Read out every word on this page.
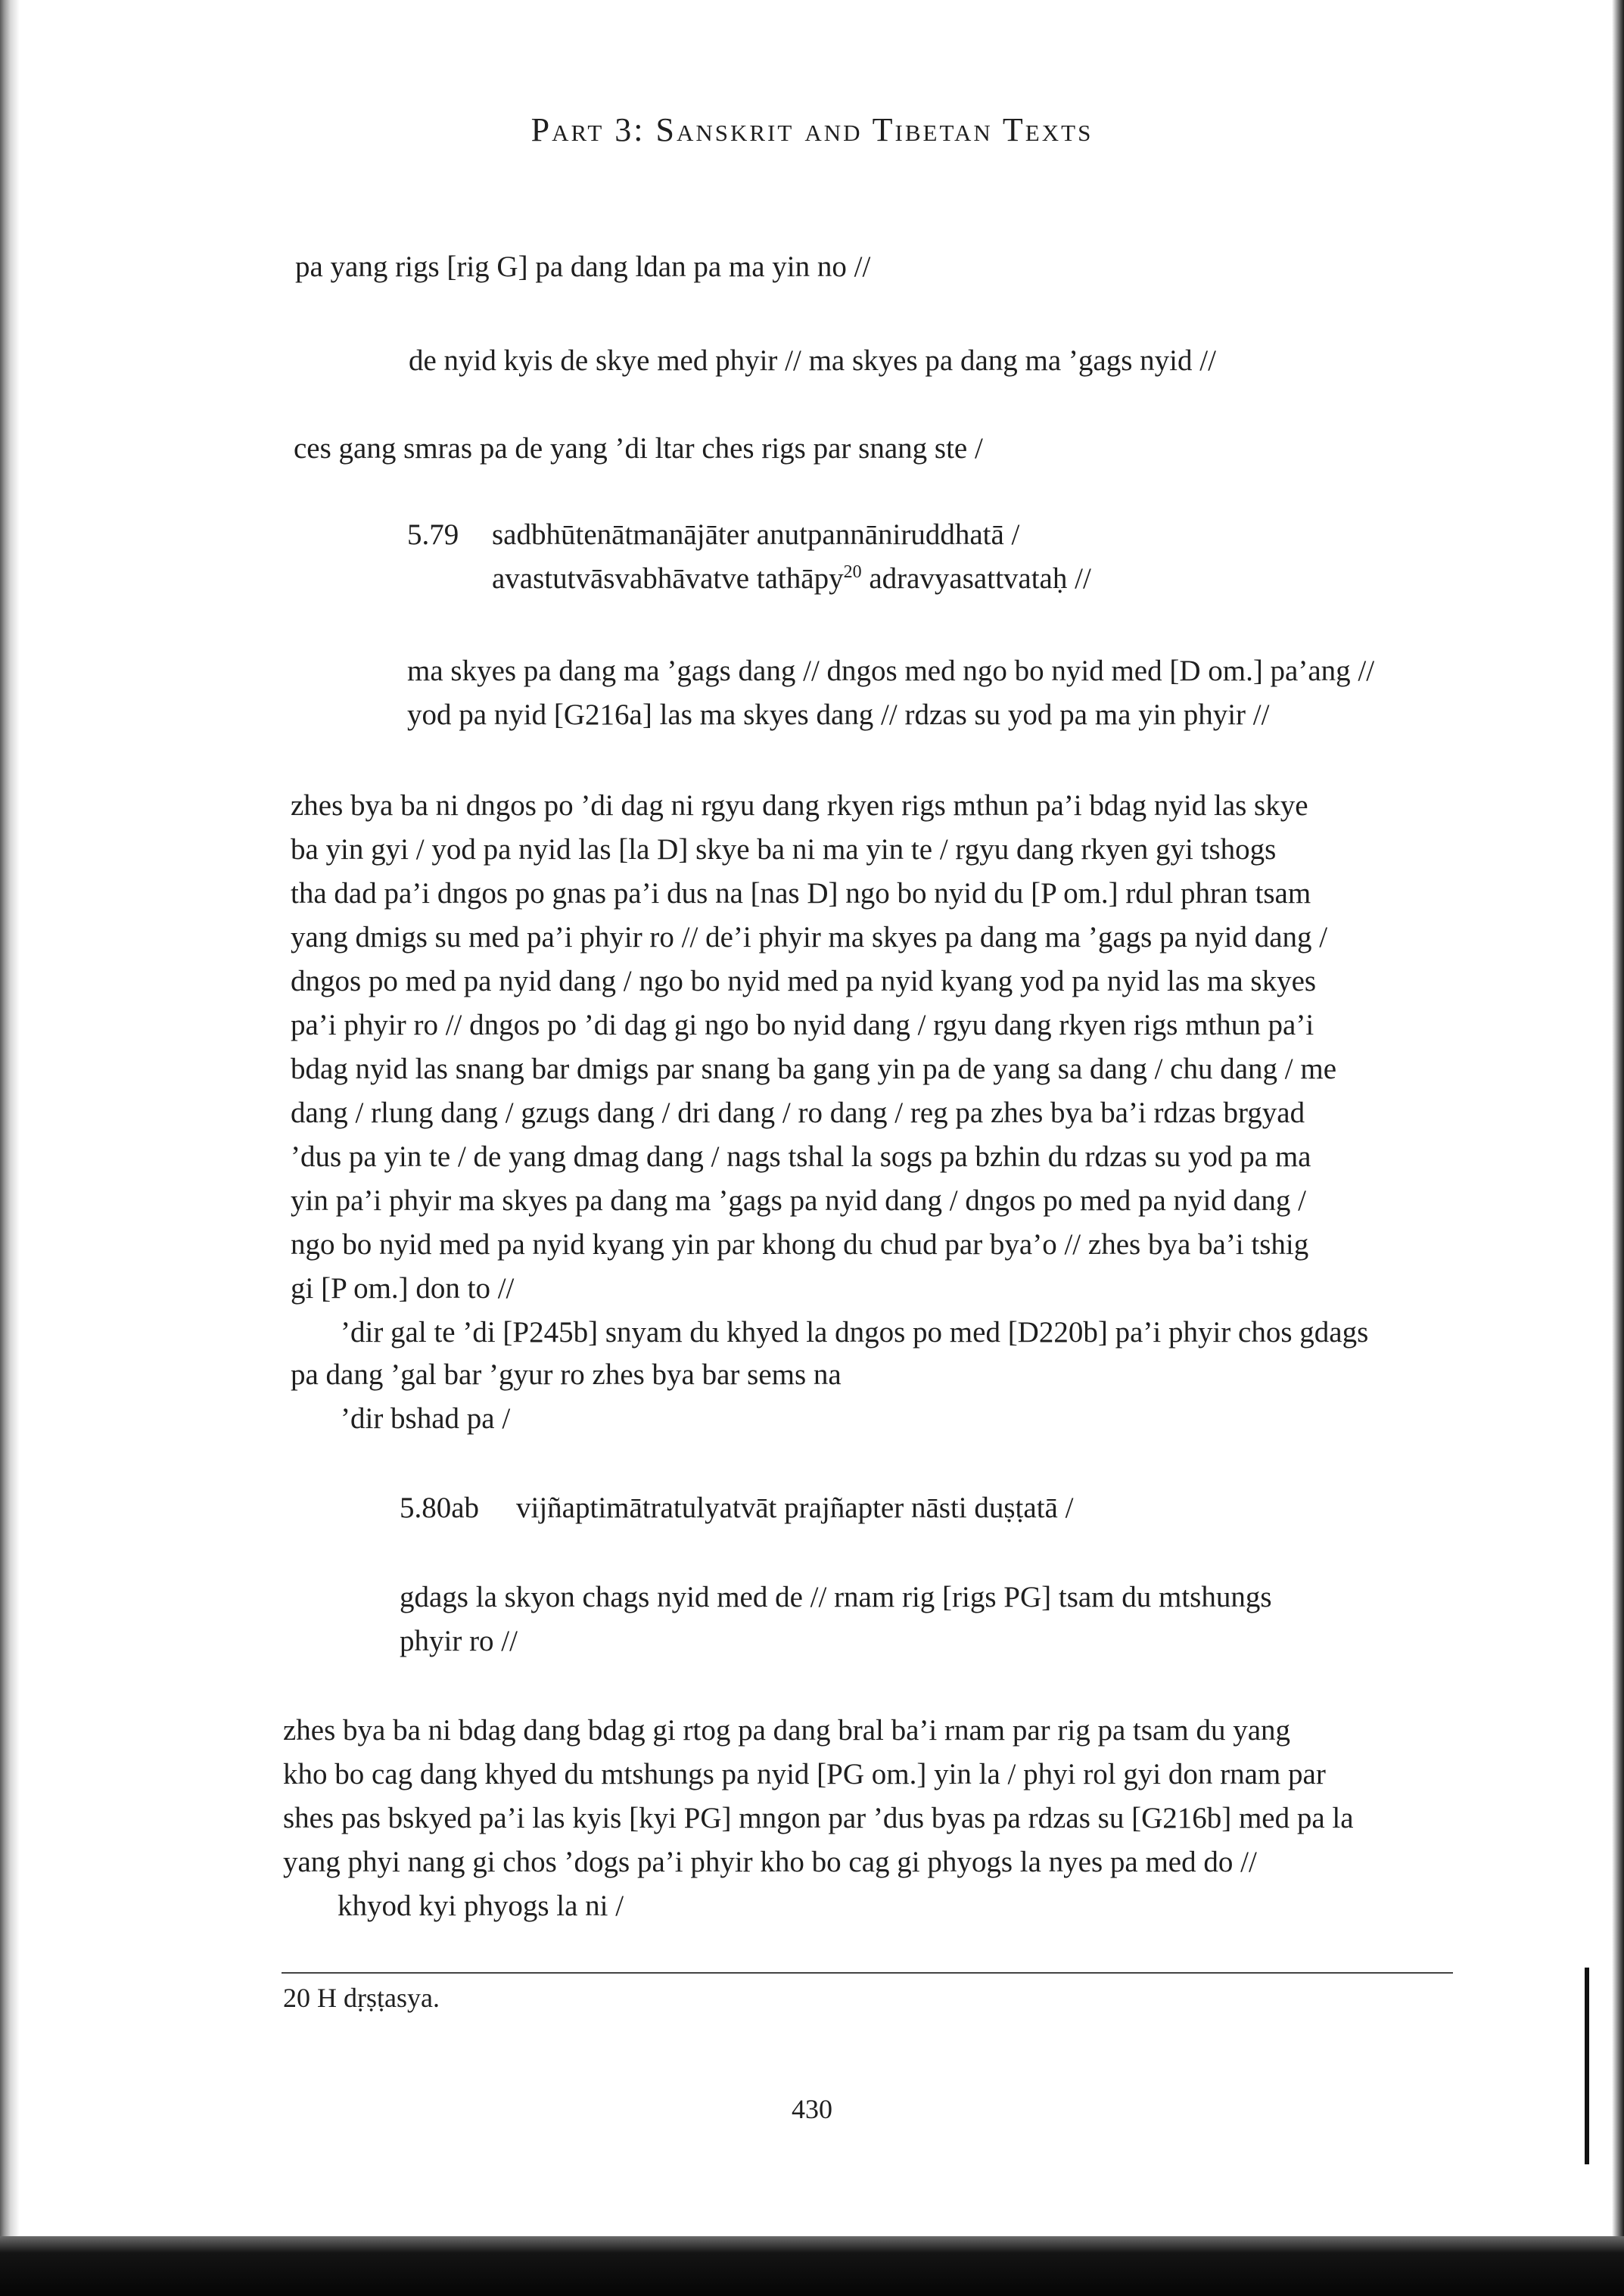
Part 3: Sanskrit and Tibetan Texts
pa yang rigs [rig G] pa dang ldan pa ma yin no //
de nyid kyis de skye med phyir // ma skyes pa dang ma ’gags nyid //
ces gang smras pa de yang ’di ltar ches rigs par snang ste /
5.79 sadbhūtenātmanājāter anutpannāniruddhatā /
avastutvāsvabhāvatve tathāpy$^{20}$ adravyasattvataḥ //
ma skyes pa dang ma ’gags dang // dngos med ngo bo nyid med [D om.] pa’ang //
yod pa nyid [G216a] las ma skyes dang // rdzas su yod pa ma yin phyir //
zhes bya ba ni dngos po ’di dag ni rgyu dang rkyen rigs mthun pa’i bdag nyid las skye
ba yin gyi / yod pa nyid las [la D] skye ba ni ma yin te / rgyu dang rkyen gyi tshogs
tha dad pa’i dngos po gnas pa’i dus na [nas D] ngo bo nyid du [P om.] rdul phran tsam
yang dmigs su med pa’i phyir ro // de’i phyir ma skyes pa dang ma ’gags pa nyid dang /
dngos po med pa nyid dang / ngo bo nyid med pa nyid kyang yod pa nyid las ma skyes
pa’i phyir ro // dngos po ’di dag gi ngo bo nyid dang / rgyu dang rkyen rigs mthun pa’i
bdag nyid las snang bar dmigs par snang ba gang yin pa de yang sa dang / chu dang / me
dang / rlung dang / gzugs dang / dri dang / ro dang / reg pa zhes bya ba’i rdzas brgyad
’dus pa yin te / de yang dmag dang / nags tshal la sogs pa bzhin du rdzas su yod pa ma
yin pa’i phyir ma skyes pa dang ma ’gags pa nyid dang / dngos po med pa nyid dang /
ngo bo nyid med pa nyid kyang yin par khong du chud par bya’o // zhes bya ba’i tshig
gi [P om.] don to //
’dir gal te ’di [P245b] snyam du khyed la dngos po med [D220b] pa’i phyir chos gdags
pa dang ’gal bar ’gyur ro zhes bya bar sems na
’dir bshad pa /
5.80ab vijñaptimātratulyatvāt prajñapter nāsti duṣṭatā /
gdags la skyon chags nyid med de // rnam rig [rigs PG] tsam du mtshungs
phyir ro //
zhes bya ba ni bdag dang bdag gi rtog pa dang bral ba’i rnam par rig pa tsam du yang
kho bo cag dang khyed du mtshungs pa nyid [PG om.] yin la / phyi rol gyi don rnam par
shes pas bskyed pa’i las kyis [kyi PG] mngon par ’dus byas pa rdzas su [G216b] med pa la
yang phyi nang gi chos ’dogs pa’i phyir kho bo cag gi phyogs la nyes pa med do //
khyod kyi phyogs la ni /
20 H dṛṣṭasya.
430
